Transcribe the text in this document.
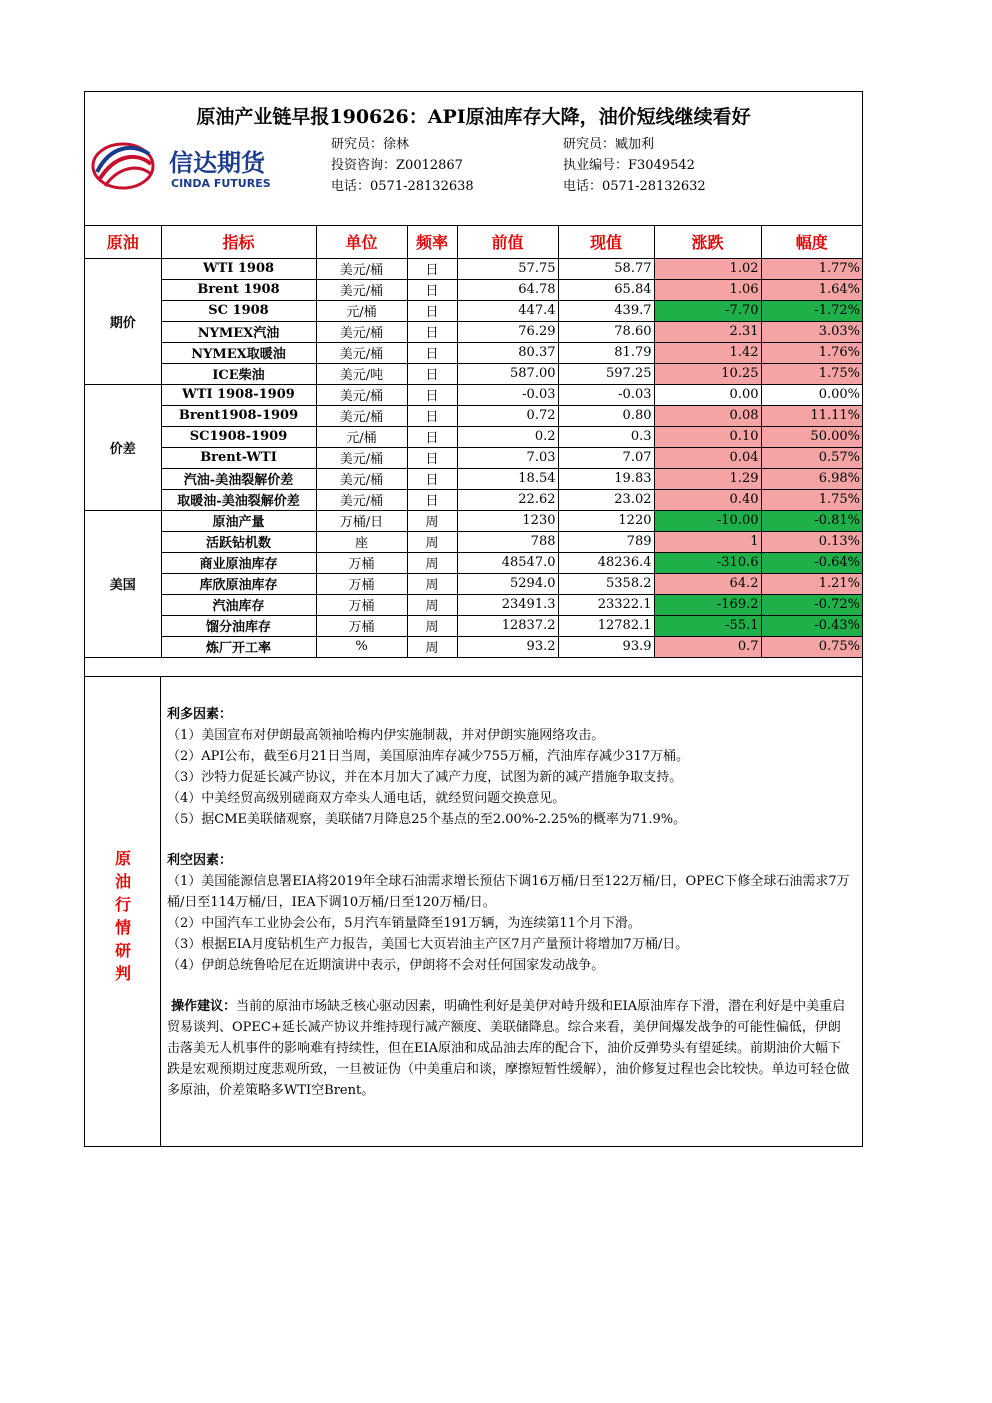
原油产业链早报190626：API原油库存大降，油价短线继续看好
信达期货
CINDA FUTURES
研究员：徐林
投资咨询：Z0012867
电话：0571-28132638
研究员：臧加利
执业编号：F3049542
电话：0571-28132632
原油	指标	单位	频率	前值	现值	涨跌	幅度
期价	WTI 1908	美元/桶	日	57.75	58.77	1.02	1.77%
	Brent 1908	美元/桶	日	64.78	65.84	1.06	1.64%
	SC 1908	元/桶	日	447.4	439.7	-7.70	-1.72%
	NYMEX汽油	美元/桶	日	76.29	78.60	2.31	3.03%
	NYMEX取暖油	美元/桶	日	80.37	81.79	1.42	1.76%
	ICE柴油	美元/吨	日	587.00	597.25	10.25	1.75%
价差	WTI 1908-1909	美元/桶	日	-0.03	-0.03	0.00	0.00%
	Brent1908-1909	美元/桶	日	0.72	0.80	0.08	11.11%
	SC1908-1909	元/桶	日	0.2	0.3	0.10	50.00%
	Brent-WTI	美元/桶	日	7.03	7.07	0.04	0.57%
	汽油-美油裂解价差	美元/桶	日	18.54	19.83	1.29	6.98%
	取暖油-美油裂解价差	美元/桶	日	22.62	23.02	0.40	1.75%
美国	原油产量	万桶/日	周	1230	1220	-10.00	-0.81%
	活跃钻机数	座	周	788	789	1	0.13%
	商业原油库存	万桶	周	48547.0	48236.4	-310.6	-0.64%
	库欣原油库存	万桶	周	5294.0	5358.2	64.2	1.21%
	汽油库存	万桶	周	23491.3	23322.1	-169.2	-0.72%
	馏分油库存	万桶	周	12837.2	12782.1	-55.1	-0.43%
	炼厂开工率	%	周	93.2	93.9	0.7	0.75%
原油行情研判

利多因素：

（1）美国宣布对伊朗最高领袖哈梅内伊实施制裁，并对伊朗实施网络攻击。

（2）API公布，截至6月21日当周，美国原油库存减少755万桶，汽油库存减少317万桶。

（3）沙特力促延长减产协议，并在本月加大了减产力度，试图为新的减产措施争取支持。

（4）中美经贸高级别磋商双方牵头人通电话，就经贸问题交换意见。

（5）据CME美联储观察，美联储7月降息25个基点的至2.00%-2.25%的概率为71.9%。

利空因素：

（1）美国能源信息署EIA将2019年全球石油需求增长预估下调16万桶/日至122万桶/日，OPEC下修全球石油需求7万桶/日至114万桶/日，IEA下调10万桶/日至120万桶/日。

（2）中国汽车工业协会公布，5月汽车销量降至191万辆，为连续第11个月下滑。

（3）根据EIA月度钻机生产力报告，美国七大页岩油主产区7月产量预计将增加7万桶/日。

（4）伊朗总统鲁哈尼在近期演讲中表示，伊朗将不会对任何国家发动战争。

操作建议：当前的原油市场缺乏核心驱动因素，明确性利好是美伊对峙升级和EIA原油库存下滑，潜在利好是中美重启贸易谈判、OPEC+延长减产协议并维持现行减产额度、美联储降息。综合来看，美伊间爆发战争的可能性偏低，伊朗击落美无人机事件的影响难有持续性，但在EIA原油和成品油去库的配合下，油价反弹势头有望延续。前期油价大幅下跌是宏观预期过度悲观所致，一旦被证伪（中美重启和谈，摩擦短暂性缓解），油价修复过程也会比较快。单边可轻仓做多原油，价差策略多WTI空Brent。
